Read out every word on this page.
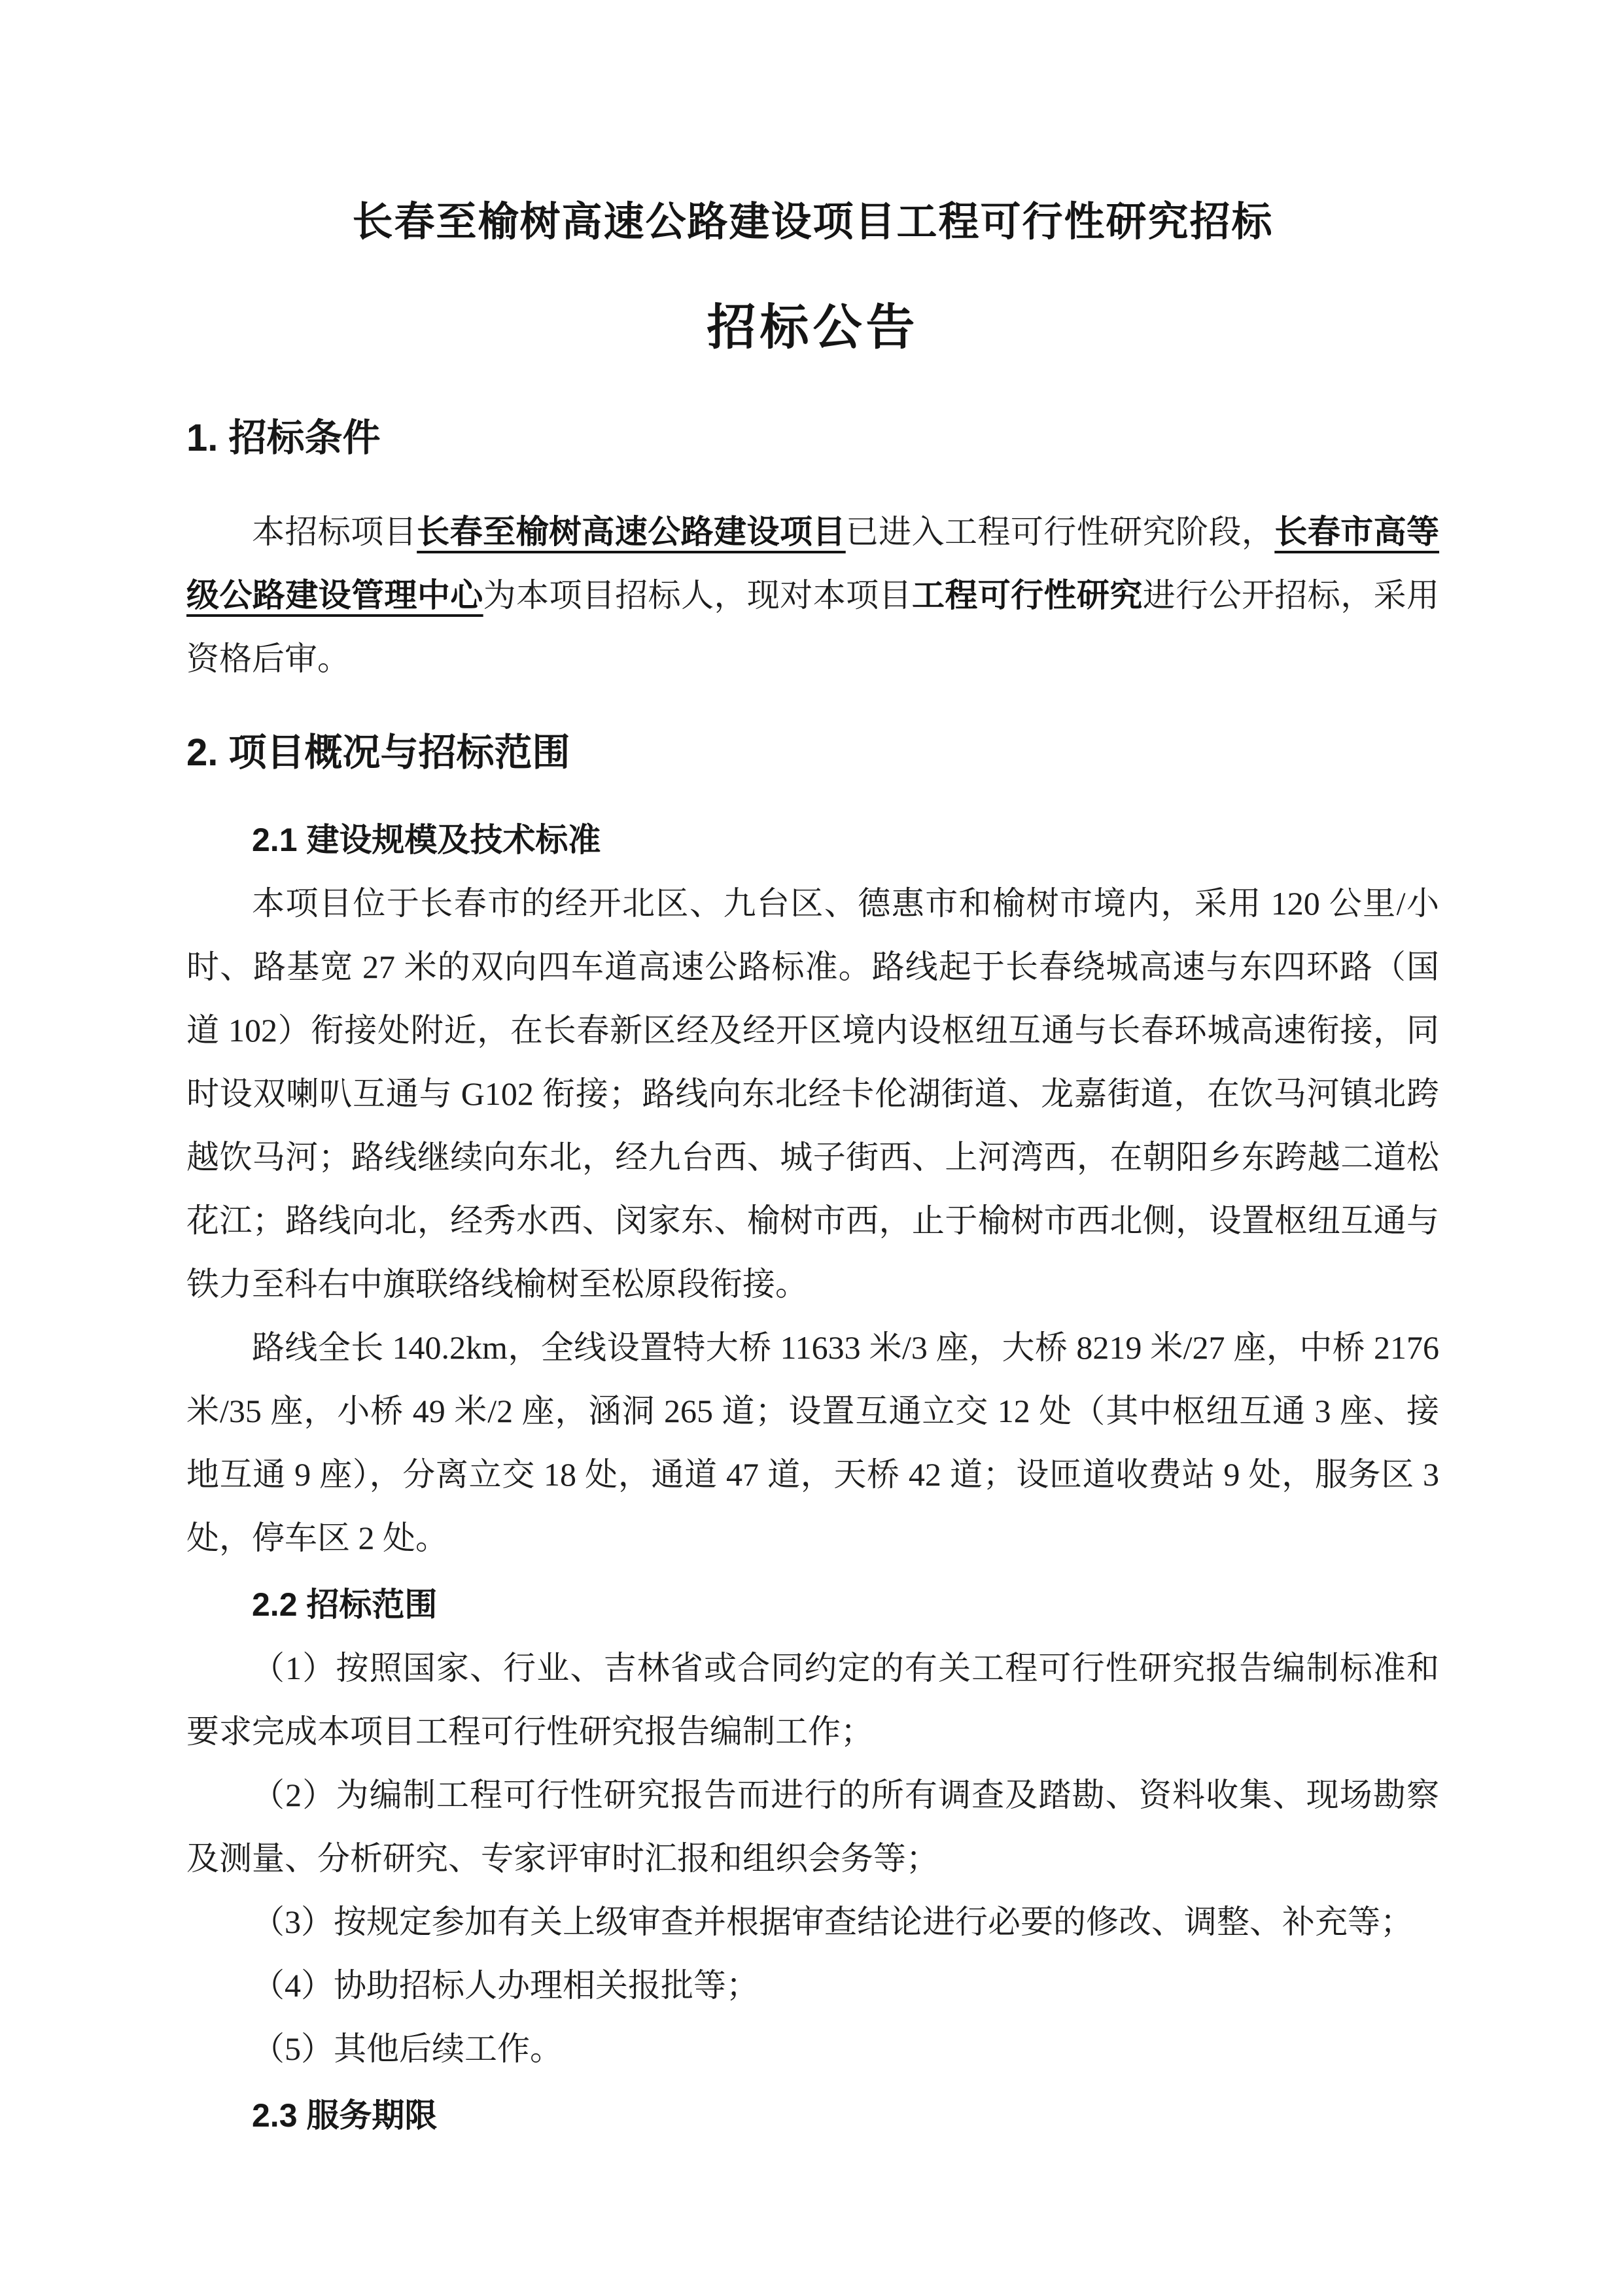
长春至榆树高速公路建设项目工程可行性研究招标
招标公告
1. 招标条件

本招标项目长春至榆树高速公路建设项目已进入工程可行性研究阶段，长春市高等级公路建设管理中心为本项目招标人，现对本项目工程可行性研究进行公开招标，采用资格后审。

2. 项目概况与招标范围
2.1 建设规模及技术标准

本项目位于长春市的经开北区、九台区、德惠市和榆树市境内，采用 120 公里/小时、路基宽 27 米的双向四车道高速公路标准。路线起于长春绕城高速与东四环路（国道 102）衔接处附近，在长春新区经及经开区境内设枢纽互通与长春环城高速衔接，同时设双喇叭互通与 G102 衔接；路线向东北经卡伦湖街道、龙嘉街道，在饮马河镇北跨越饮马河；路线继续向东北，经九台西、城子街西、上河湾西，在朝阳乡东跨越二道松花江；路线向北，经秀水西、闵家东、榆树市西，止于榆树市西北侧，设置枢纽互通与铁力至科右中旗联络线榆树至松原段衔接。

路线全长 140.2km，全线设置特大桥 11633 米/3 座，大桥 8219 米/27 座，中桥 2176 米/35 座，小桥 49 米/2 座，涵洞 265 道；设置互通立交 12 处（其中枢纽互通 3 座、接地互通 9 座），分离立交 18 处，通道 47 道，天桥 42 道；设匝道收费站 9 处，服务区 3 处，停车区 2 处。

2.2 招标范围

（1）按照国家、行业、吉林省或合同约定的有关工程可行性研究报告编制标准和要求完成本项目工程可行性研究报告编制工作；

（2）为编制工程可行性研究报告而进行的所有调查及踏勘、资料收集、现场勘察及测量、分析研究、专家评审时汇报和组织会务等；

（3）按规定参加有关上级审查并根据审查结论进行必要的修改、调整、补充等；

（4）协助招标人办理相关报批等；

（5）其他后续工作。

2.3 服务期限
